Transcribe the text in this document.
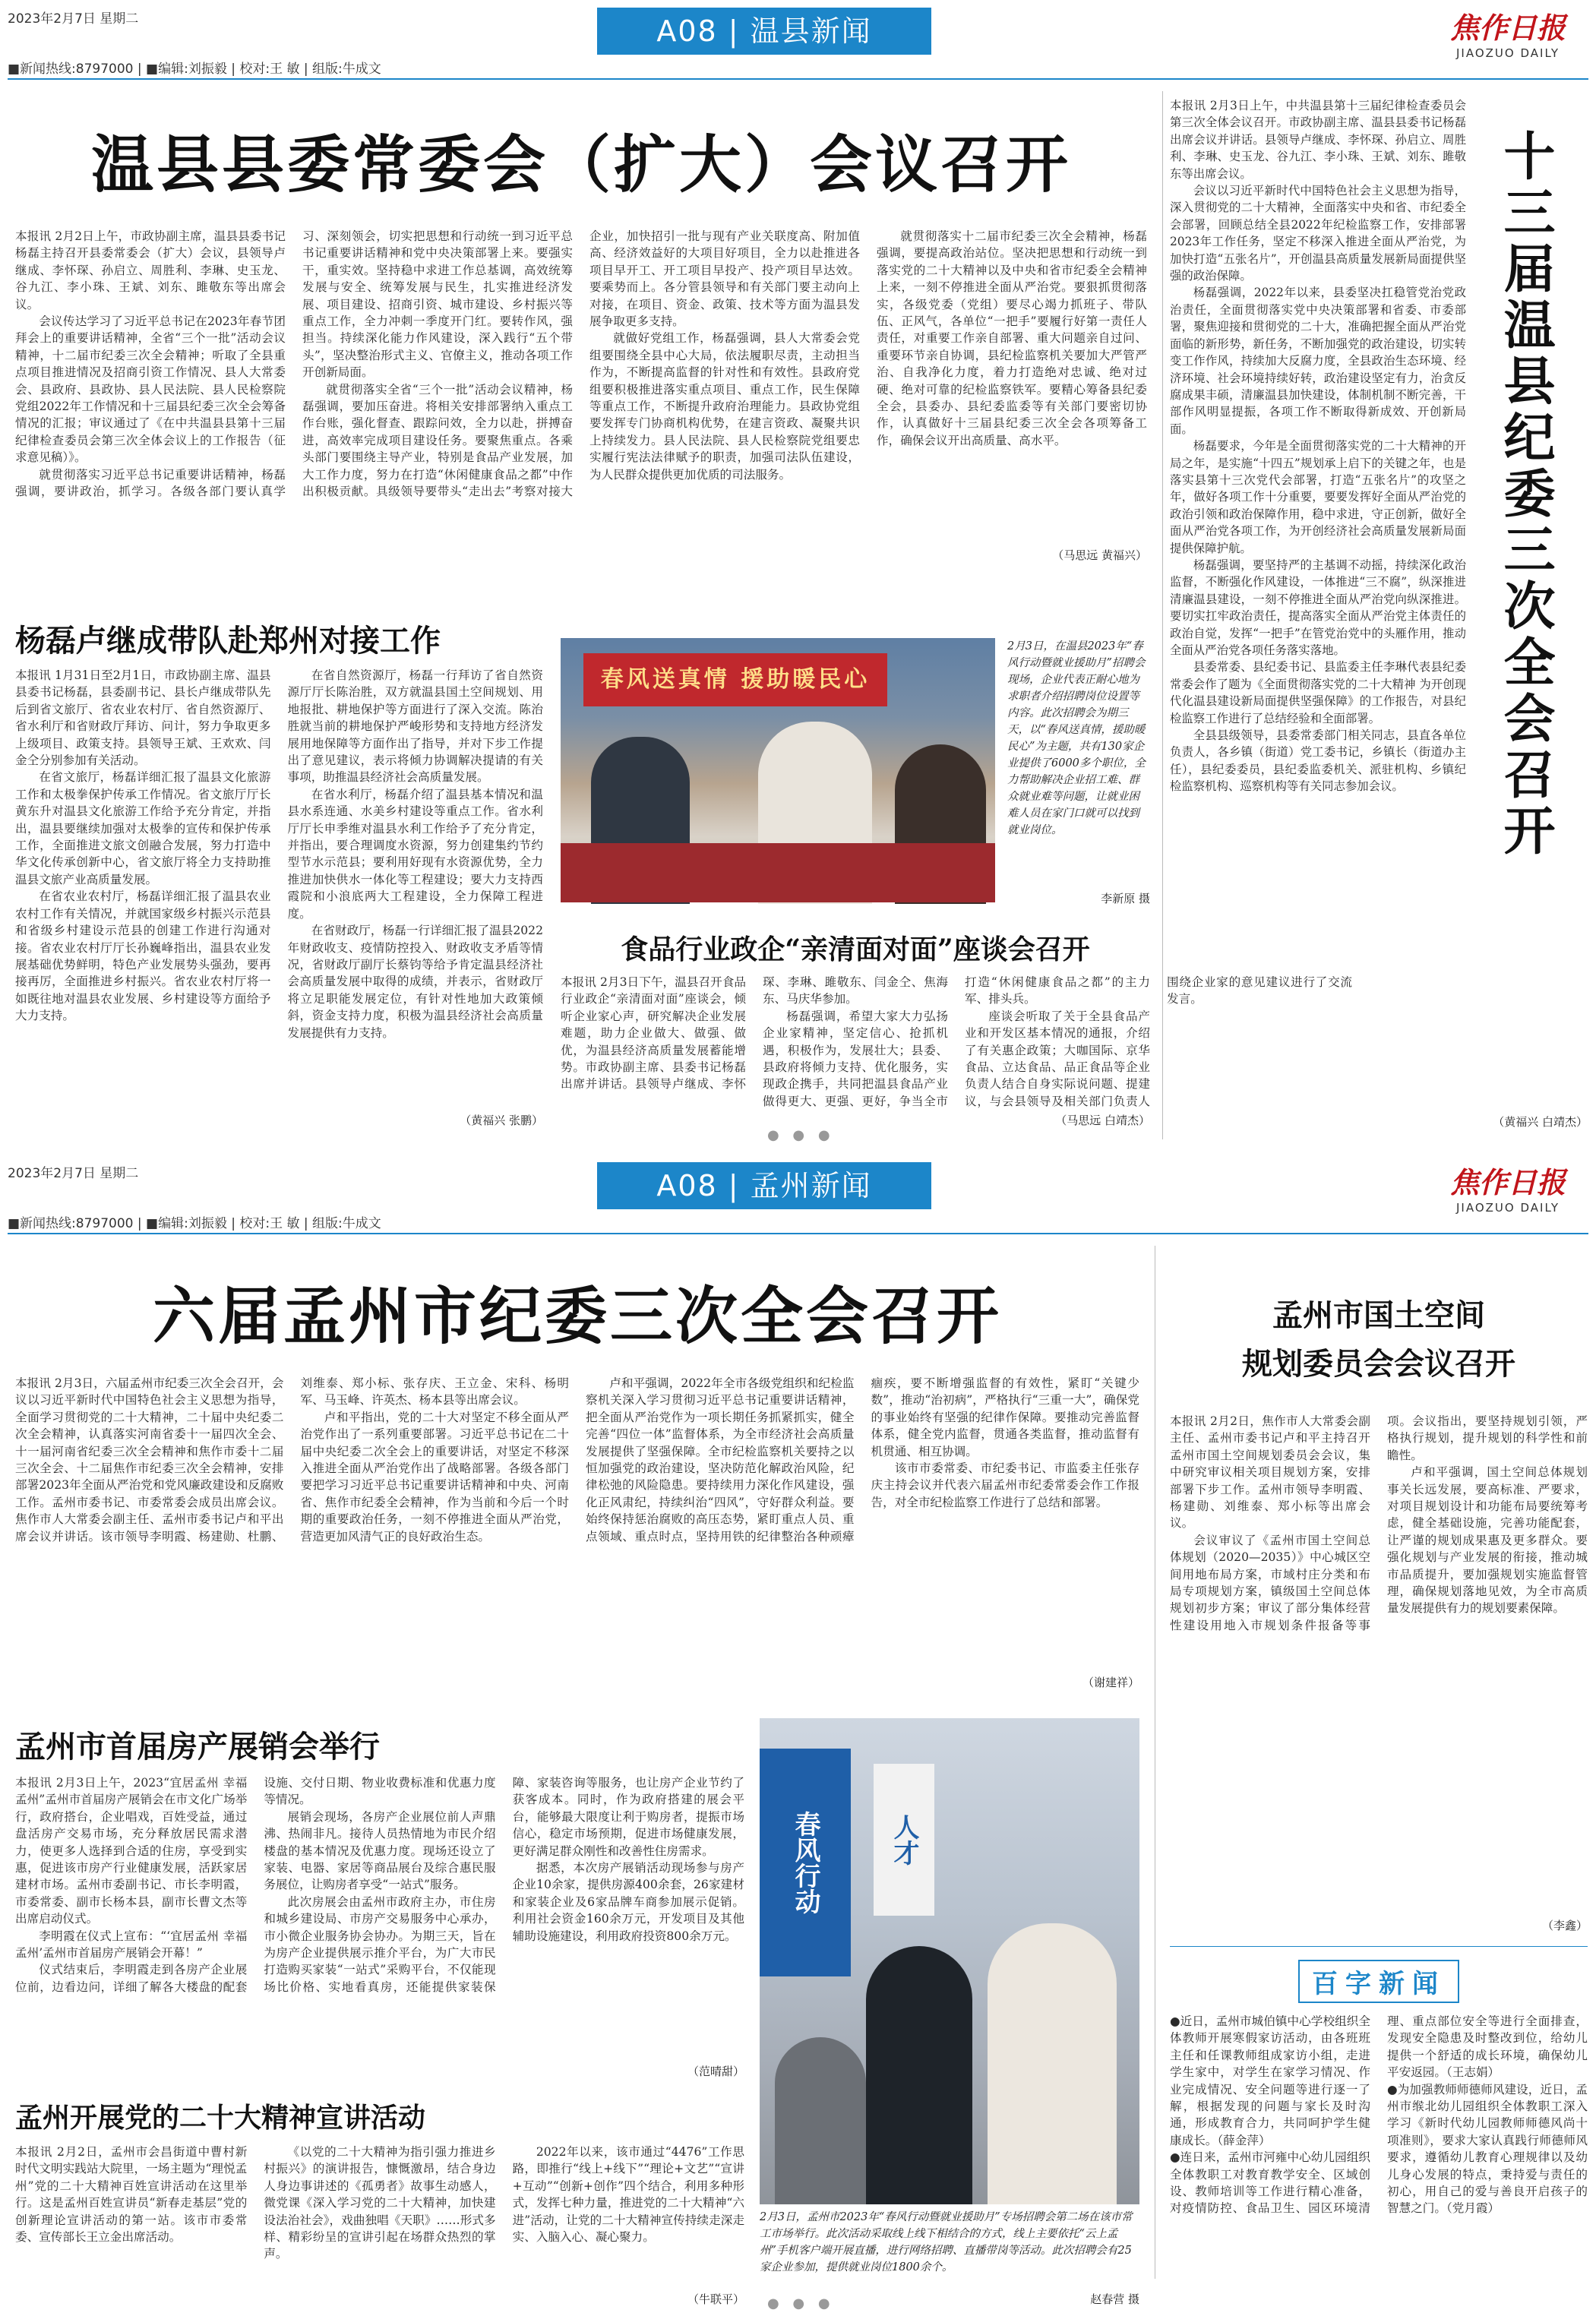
2023年2月7日 星期二	A08 | 温县新闻	焦作日报
JIAOZUO DAILY
■新闻热线:8797000 | ■编辑:刘振毅 | 校对:王 敏 | 组版:牛成文
温县县委常委会（扩大）会议召开

本报讯 2月2日上午，市政协副主席，温县县委书记杨磊主持召开县委常委会（扩大）会议，县领导卢继成、李怀琛、孙启立、周胜利、李琳、史玉龙、谷九江、李小珠、王斌、刘东、雎敬东等出席会议。

会议传达学习了习近平总书记在2023年春节团拜会上的重要讲话精神，全省“三个一批”活动会议精神，十二届市纪委三次全会精神；听取了全县重点项目推进情况及招商引资工作情况、县人大常委会、县政府、县政协、县人民法院、县人民检察院党组2022年工作情况和十三届县纪委三次全会筹备情况的汇报；审议通过了《在中共温县县第十三届纪律检查委员会第三次全体会议上的工作报告（征求意见稿）》。

就贯彻落实习近平总书记重要讲话精神，杨磊强调，要讲政治，抓学习。各级各部门要认真学习、深刻领会，切实把思想和行动统一到习近平总书记重要讲话精神和党中央决策部署上来。要强实干，重实效。坚持稳中求进工作总基调，高效统筹发展与安全、统筹发展与民生，扎实推进经济发展、项目建设、招商引资、城市建设、乡村振兴等重点工作，全力冲刺一季度开门红。要转作风，强担当。持续深化能力作风建设，深入践行“五个带头”，坚决整治形式主义、官僚主义，推动各项工作开创新局面。

就贯彻落实全省“三个一批”活动会议精神，杨磊强调，要加压奋进。将相关安排部署纳入重点工作台账，强化督查、跟踪问效，全力以赴，拼搏奋进，高效率完成项目建设任务。要聚焦重点。各乘头部门要围绕主导产业，特别是食品产业发展，加大工作力度，努力在打造“休闲健康食品之都”中作出积极贡献。具级领导要带头“走出去”考察对接大企业，加快招引一批与现有产业关联度高、附加值高、经济效益好的大项目好项目，全力以赴推进各项目早开工、开工项目早投产、投产项目早达效。要乘势而上。各分管县领导和有关部门要主动向上对接，在项目、资金、政策、技术等方面为温县发展争取更多支持。

就做好党组工作，杨磊强调，县人大常委会党组要围绕全县中心大局，依法履职尽责，主动担当作为，不断提高监督的针对性和有效性。县政府党组要积极推进落实重点项目、重点工作，民生保障等重点工作，不断提升政府治理能力。县政协党组要发挥专门协商机构优势，在建言资政、凝聚共识上持续发力。县人民法院、县人民检察院党组要忠实履行宪法法律赋予的职责，加强司法队伍建设，为人民群众提供更加优质的司法服务。

就贯彻落实十二届市纪委三次全会精神，杨磊强调，要提高政治站位。坚决把思想和行动统一到落实党的二十大精神以及中央和省市纪委全会精神上来，一刻不停推进全面从严治党。要狠抓贯彻落实，各级党委（党组）要尽心竭力抓班子、带队伍、正风气，各单位“一把手”要履行好第一责任人责任，对重要工作亲自部署、重大问题亲自过问、重要环节亲自协调，县纪检监察机关要加大严管严治、自我净化力度，着力打造绝对忠诚、绝对过硬、绝对可靠的纪检监察铁军。要精心筹备县纪委全会，县委办、县纪委监委等有关部门要密切协作，认真做好十三届县纪委三次全会各项筹备工作，确保会议开出高质量、高水平。

（马思远 黄福兴）
杨磊卢继成带队赴郑州对接工作

本报讯 1月31日至2月1日，市政协副主席、温县县委书记杨磊，县委副书记、县长卢继成带队先后到省文旅厅、省农业农村厅、省自然资源厅、省水利厅和省财政厅拜访、问计，努力争取更多上级项目、政策支持。县领导王斌、王欢欢、闫金仝分别参加有关活动。

在省文旅厅，杨磊详细汇报了温县文化旅游工作和太极拳保护传承工作情况。省文旅厅厅长黄东升对温县文化旅游工作给予充分肯定，并指出，温县要继续加强对太极拳的宣传和保护传承工作，全面推进文旅文创融合发展，努力打造中华文化传承创新中心，省文旅厅将全力支持助推温县文旅产业高质量发展。

在省农业农村厅，杨磊详细汇报了温县农业农村工作有关情况，并就国家级乡村振兴示范县和省级乡村建设示范县的创建工作进行沟通对接。省农业农村厅厅长孙巍峰指出，温县农业发展基础优势鲜明，特色产业发展势头强劲，要再接再厉，全面推进乡村振兴。省农业农村厅将一如既往地对温县农业发展、乡村建设等方面给予大力支持。

在省自然资源厅，杨磊一行拜访了省自然资源厅厅长陈治胜，双方就温县国土空间规划、用地报批、耕地保护等方面进行了深入交流。陈治胜就当前的耕地保护严峻形势和支持地方经济发展用地保障等方面作出了指导，并对下步工作提出了意见建议，表示将倾力协调解决提请的有关事项，助推温县经济社会高质量发展。

在省水利厅，杨磊介绍了温县基本情况和温县水系连通、水美乡村建设等重点工作。省水利厅厅长申季维对温县水利工作给予了充分肯定，并指出，要合理调度水资源，努力创建集约节约型节水示范县；要利用好现有水资源优势，全力推进加快供水一体化等工程建设；要大力支持西霞院和小浪底两大工程建设，全力保障工程进度。

在省财政厅，杨磊一行详细汇报了温县2022年财政收支、疫情防控投入、财政收支矛盾等情况，省财政厅副厅长蔡钧等给予肯定温县经济社会高质量发展中取得的成绩，并表示，省财政厅将立足职能发展定位，有针对性地加大政策倾斜，资金支持力度，积极为温县经济社会高质量发展提供有力支持。

（黄福兴 张鹏）
春风送真情 援助暖民心
2月3日，在温县2023年“春风行动暨就业援助月”招聘会现场，企业代表正耐心地为求职者介绍招聘岗位设置等内容。此次招聘会为期三天，以“春风送真情，援助暖民心”为主题，共有130家企业提供了6000多个职位，全力帮助解决企业招工难、群众就业难等问题，让就业困难人员在家门口就可以找到就业岗位。
李新原 摄
食品行业政企“亲清面对面”座谈会召开

本报讯 2月3日下午，温县召开食品行业政企“亲清面对面”座谈会，倾听企业家心声，研究解决企业发展难题，助力企业做大、做强、做优，为温县经济高质量发展蓄能增势。市政协副主席、县委书记杨磊出席并讲话。县领导卢继成、李怀琛、李琳、雎敬东、闫金仝、焦海东、马庆华参加。

杨磊强调，希望大家大力弘扬企业家精神，坚定信心、抢抓机遇，积极作为，发展壮大；县委、县政府将倾力支持、优化服务，实现政企携手，共同把温县食品产业做得更大、更强、更好，争当全市打造“休闲健康食品之都”的主力军、排头兵。

座谈会听取了关于全县食品产业和开发区基本情况的通报，介绍了有关惠企政策；大咖国际、京华食品、立达食品、品正食品等企业负责人结合自身实际说问题、提建议，与会县领导及相关部门负责人围绕企业家的意见建议进行了交流发言。

（马思远 白靖杰）

本报讯 2月3日上午，中共温县第十三届纪律检查委员会第三次全体会议召开。市政协副主席、温县县委书记杨磊出席会议并讲话。县领导卢继成、李怀琛、孙启立、周胜利、李琳、史玉龙、谷九江、李小珠、王斌、刘东、雎敬东等出席会议。

会议以习近平新时代中国特色社会主义思想为指导，深入贯彻党的二十大精神，全面落实中央和省、市纪委全会部署，回顾总结全县2022年纪检监察工作，安排部署2023年工作任务，坚定不移深入推进全面从严治党，为加快打造“五张名片”，开创温县高质量发展新局面提供坚强的政治保障。

杨磊强调，2022年以来，县委坚决扛稳管党治党政治责任，全面贯彻落实党中央决策部署和省委、市委部署，聚焦迎接和贯彻党的二十大，准确把握全面从严治党面临的新形势，新任务，不断加强党的政治建设，切实转变工作作风，持续加大反腐力度，全县政治生态环境、经济环境、社会环境持续好转，政治建设坚定有力，治贪反腐成果丰硕，清廉温县加快建设，体制机制不断完善，干部作风明显提振，各项工作不断取得新成效、开创新局面。

杨磊要求，今年是全面贯彻落实党的二十大精神的开局之年，是实施“十四五”规划承上启下的关键之年，也是落实县第十三次党代会部署，打造“五张名片”的攻坚之年，做好各项工作十分重要，要要发挥好全面从严治党的政治引领和政治保障作用，稳中求进，守正创新，做好全面从严治党各项工作，为开创经济社会高质量发展新局面提供保障护航。

杨磊强调，要坚持严的主基调不动摇，持续深化政治监督，不断强化作风建设，一体推进“三不腐”，纵深推进清廉温县建设，一刻不停推进全面从严治党向纵深推进。要切实扛牢政治责任，提高落实全面从严治党主体责任的政治自觉，发挥“一把手”在管党治党中的头雁作用，推动全面从严治党各项任务落实落地。

县委常委、县纪委书记、县监委主任李琳代表县纪委常委会作了题为《全面贯彻落实党的二十大精神 为开创现代化温县建设新局面提供坚强保障》的工作报告，对县纪检监察工作进行了总结经验和全面部署。

全县县级领导，县委常委部门相关同志，县直各单位负责人，各乡镇（街道）党工委书记，乡镇长（街道办主任），县纪委委员，县纪委监委机关、派驻机构、乡镇纪检监察机构、巡察机构等有关同志参加会议。

（黄福兴 白靖杰）
十三届温县纪委三次全会召开
● ● ●
2023年2月7日 星期二	A08 | 孟州新闻	焦作日报
JIAOZUO DAILY
■新闻热线:8797000 | ■编辑:刘振毅 | 校对:王 敏 | 组版:牛成文
六届孟州市纪委三次全会召开

本报讯 2月3日，六届孟州市纪委三次全会召开，会议以习近平新时代中国特色社会主义思想为指导，全面学习贯彻党的二十大精神，二十届中央纪委二次全会精神，认真落实河南省委十一届四次全会、十一届河南省纪委三次全会精神和焦作市委十二届三次全会、十二届焦作市纪委三次全会精神，安排部署2023年全面从严治党和党风廉政建设和反腐败工作。孟州市委书记、市委常委会成员出席会议。焦作市人大常委会副主任、孟州市委书记卢和平出席会议并讲话。该市领导李明霞、杨建勋、杜鹏、刘维泰、郑小标、张存庆、王立金、宋科、杨明军、马玉峰、许英杰、杨本县等出席会议。

卢和平指出，党的二十大对坚定不移全面从严治党作出了一系列重要部署。习近平总书记在二十届中央纪委二次全会上的重要讲话，对坚定不移深入推进全面从严治党作出了战略部署。各级各部门要把学习习近平总书记重要讲话精神和中央、河南省、焦作市纪委全会精神，作为当前和今后一个时期的重要政治任务，一刻不停推进全面从严治党，营造更加风清气正的良好政治生态。

卢和平强调，2022年全市各级党组织和纪检监察机关深入学习贯彻习近平总书记重要讲话精神，把全面从严治党作为一项长期任务抓紧抓实，健全完善“四位一体”监督体系，为全市经济社会高质量发展提供了坚强保障。全市纪检监察机关要持之以恒加强党的政治建设，坚决防范化解政治风险，纪律松弛的风险隐患。要持续用力深化作风建设，强化正风肃纪，持续纠治“四风”，守好群众利益。要始终保持惩治腐败的高压态势，紧盯重点人员、重点领域、重点时点，坚持用铁的纪律整治各种顽瘴痼疾，要不断增强监督的有效性，紧盯“关键少数”，推动“治初病”，严格执行“三重一大”，确保党的事业始终有坚强的纪律作保障。要推动完善监督体系，健全党内监督，贯通各类监督，推动监督有机贯通、相互协调。

该市市委常委、市纪委书记、市监委主任张存庆主持会议并代表六届孟州市纪委常委会作工作报告，对全市纪检监察工作进行了总结和部署。

（谢建祥）
孟州市国土空间
规划委员会会议召开

本报讯 2月2日，焦作市人大常委会副主任、孟州市委书记卢和平主持召开孟州市国土空间规划委员会会议，集中研究审议相关项目规划方案，安排部署下步工作。孟州市领导李明霞、杨建勋、刘维泰、郑小标等出席会议。

会议审议了《孟州市国土空间总体规划（2020—2035）》中心城区空间用地布局方案，市域村庄分类和布局专项规划方案，镇级国土空间总体规划初步方案；审议了部分集体经营性建设用地入市规划条件报备等事项。会议指出，要坚持规划引领，严格执行规划，提升规划的科学性和前瞻性。

卢和平强调，国土空间总体规划事关长远发展，要高标准、严要求，对项目规划设计和功能布局要统筹考虑，健全基础设施，完善功能配套，让严谨的规划成果惠及更多群众。要强化规划与产业发展的衔接，推动城市品质提升，要加强规划实施监督管理，确保规划落地见效，为全市高质量发展提供有力的规划要素保障。

（李鑫）
百字新闻

●近日，孟州市城伯镇中心学校组织全体教师开展寒假家访活动，由各班班主任和任课教师组成家访小组，走进学生家中，对学生在家学习情况、作业完成情况、安全问题等进行逐一了解，根据发现的问题与家长及时沟通，形成教育合力，共同呵护学生健康成长。（薛金萍）

●连日来，孟州市河雍中心幼儿园组织全体教职工对教育教学安全、区域创设、教师培训等工作进行精心准备，对疫情防控、食品卫生、园区环境清理、重点部位安全等进行全面排查，发现安全隐患及时整改到位，给幼儿提供一个舒适的成长环境，确保幼儿平安返园。（王志娟）

●为加强教师师德师风建设，近日，孟州市缑北幼儿园组织全体教职工深入学习《新时代幼儿园教师师德风尚十项准则》，要求大家认真践行师德师风要求，遵循幼儿教育心理规律以及幼儿身心发展的特点，秉持爱与责任的初心，用自己的爱与善良开启孩子的智慧之门。（党月霞）

孟州市首届房产展销会举行

本报讯 2月3日上午，2023“宜居孟州 幸福孟州”孟州市首届房产展销会在市文化广场举行，政府搭台，企业唱戏，百姓受益，通过盘活房产交易市场，充分释放居民需求潜力，使更多人选择到合适的住房，享受到实惠，促进该市房产行业健康发展，活跃家居建材市场。孟州市委副书记、市长李明霞，市委常委、副市长杨本县，副市长曹文杰等出席启动仪式。

李明霞在仪式上宣布：“‘宜居孟州 幸福孟州’孟州市首届房产展销会开幕！”

仪式结束后，李明霞走到各房产企业展位前，边看边问，详细了解各大楼盘的配套设施、交付日期、物业收费标准和优惠力度等情况。

展销会现场，各房产企业展位前人声鼎沸、热闹非凡。接待人员热情地为市民介绍楼盘的基本情况及优惠力度。现场还设立了家装、电器、家居等商品展台及综合惠民服务展位，让购房者享受“一站式”服务。

此次房展会由孟州市政府主办，市住房和城乡建设局、市房产交易服务中心承办，市小微企业服务协会协办。为期三天，旨在为房产企业提供展示推介平台，为广大市民打造购买家装“一站式”采购平台，不仅能现场比价格、实地看真房，还能提供家装保障、家装咨询等服务，也让房产企业节约了获客成本。同时，作为政府搭建的展会平台，能够最大限度让利于购房者，提振市场信心，稳定市场预期，促进市场健康发展，更好满足群众刚性和改善性住房需求。

据悉，本次房产展销活动现场参与房产企业10余家，提供房源400余套，26家建材和家装企业及6家品牌车商参加展示促销。利用社会资金160余万元，开发项目及其他辅助设施建设，利用政府投资800余万元。

（范晴甜）
孟州开展党的二十大精神宣讲活动

本报讯 2月2日，孟州市会昌街道中曹村新时代文明实践站大院里，一场主题为“理悦孟州”党的二十大精神百姓宣讲活动在这里举行。这是孟州百姓宣讲员“新春走基层”党的创新理论宣讲活动的第一站。该市市委常委、宣传部长王立金出席活动。

《以党的二十大精神为指引强力推进乡村振兴》的演讲报告，慷慨激昂，结合身边人身边事讲述的《孤勇者》故事生动感人，微党课《深入学习党的二十大精神，加快建设法治社会》，戏曲独唱《天职》……形式多样、精彩纷呈的宣讲引起在场群众热烈的掌声。

2022年以来，该市通过“4476”工作思路，即推行“线上+线下”“理论+文艺”“宣讲+互动”“创新+创作”四个结合，利用多种形式，发挥七种力量，推进党的二十大精神“六进”活动，让党的二十大精神宣传持续走深走实、入脑入心、凝心聚力。

（牛联平）
春风行动	人才
2月3日，孟州市2023年“春风行动暨就业援助月”专场招聘会第二场在该市常工市场举行。此次活动采取线上线下相结合的方式，线上主要依托“云上孟州”手机客户端开展直播，进行网络招聘、直播带岗等活动。此次招聘会有25家企业参加，提供就业岗位1800余个。
赵春营 摄
● ● ●
